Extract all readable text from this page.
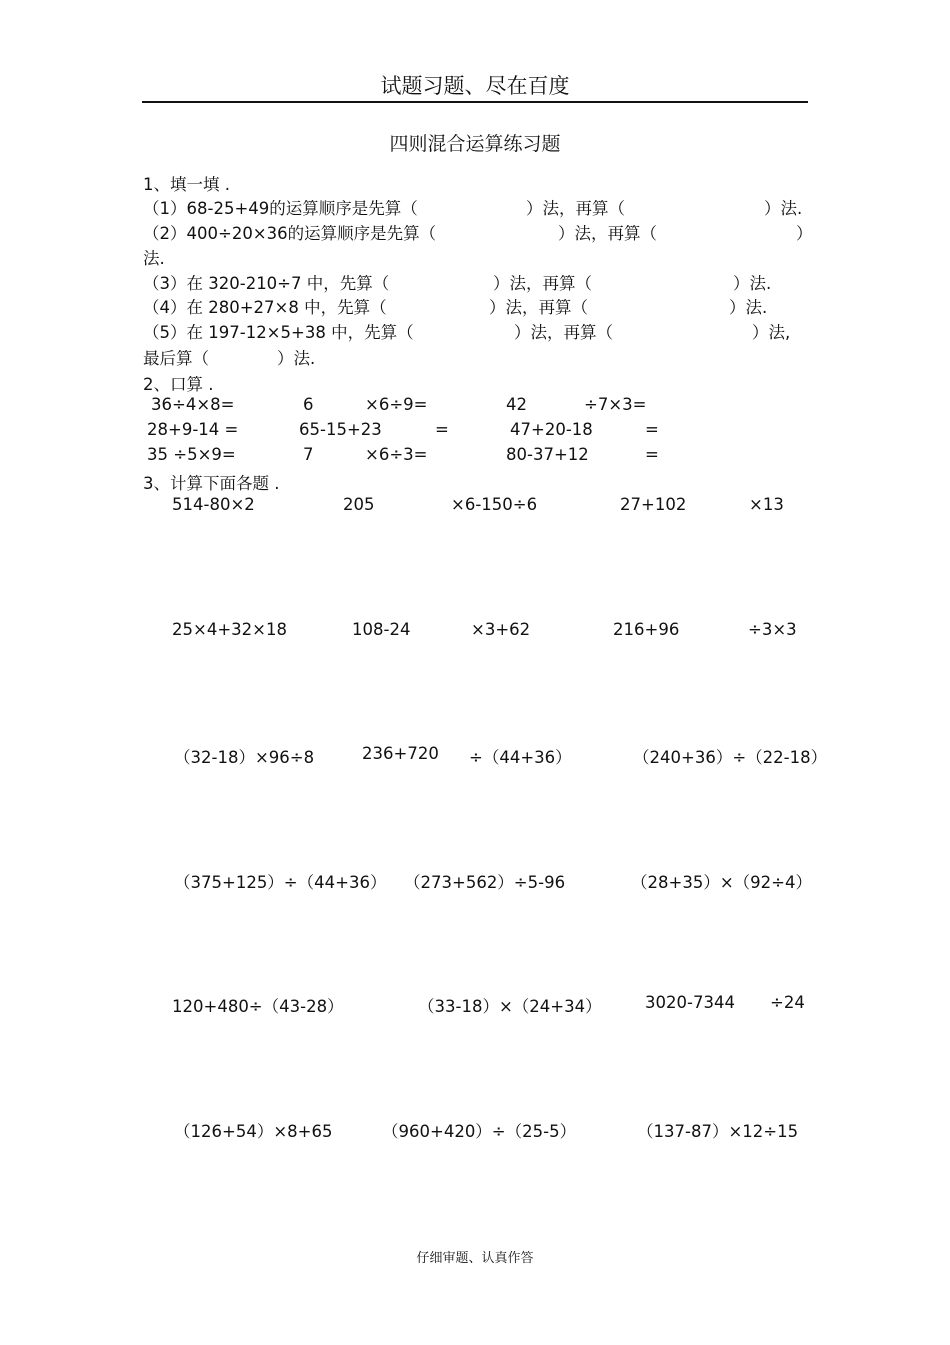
试题习题、尽在百度
四则混合运算练习题
1、填一填 .
（1）68-25+49的运算顺序是先算（	）法，再算（	）法.
（2）400÷20×36的运算顺序是先算（	）法，再算（	）
法.
（3）在 320-210÷7 中，先算（	）法，再算（	）法.
（4）在 280+27×8 中，先算（	）法，再算（	）法.
（5）在 197-12×5+38 中，先算（	）法，再算（	）法,
最后算（	）法.
2、口算 .
36÷4×8=	6	×6÷9=	42	÷7×3=
28+9-14 =	65-15+23	=	47+20-18	=
35 ÷5×9=	7	×6÷3=	80-37+12	=
3、计算下面各题 .
514-80×2	205	×6-150÷6	27+102	×13
25×4+32×18	108-24	×3+62	216+96	÷3×3
（32-18）×96÷8	236+720 ÷（44+36）	（240+36）÷（22-18）
（375+125）÷（44+36） （273+562）÷5-96	（28+35）×（92÷4）
120+480÷（43-28）	（33-18）×（24+34）	3020-7344 ÷24
（126+54）×8+65	（960+420）÷（25-5）	（137-87）×12÷15
仔细审题、认真作答
